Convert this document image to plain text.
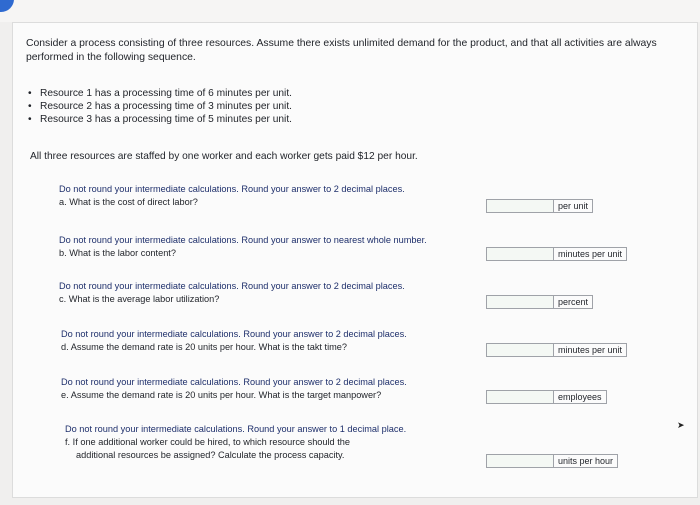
Consider a process consisting of three resources. Assume there exists unlimited demand for the product, and that all activities are always performed in the following sequence.
• Resource 1 has a processing time of 6 minutes per unit.
• Resource 2 has a processing time of 3 minutes per unit.
• Resource 3 has a processing time of 5 minutes per unit.
All three resources are staffed by one worker and each worker gets paid $12 per hour.
Do not round your intermediate calculations. Round your answer to 2 decimal places.
a. What is the cost of direct labor?	per unit
Do not round your intermediate calculations. Round your answer to nearest whole number.
b. What is the labor content?	minutes per unit
Do not round your intermediate calculations. Round your answer to 2 decimal places.
c. What is the average labor utilization?	percent
Do not round your intermediate calculations. Round your answer to 2 decimal places.
d. Assume the demand rate is 20 units per hour. What is the takt time?	minutes per unit
Do not round your intermediate calculations. Round your answer to 2 decimal places.
e. Assume the demand rate is 20 units per hour. What is the target manpower?	employees
Do not round your intermediate calculations. Round your answer to 1 decimal place.
f. If one additional worker could be hired, to which resource should the
additional resources be assigned? Calculate the process capacity.
units per hour
➤
